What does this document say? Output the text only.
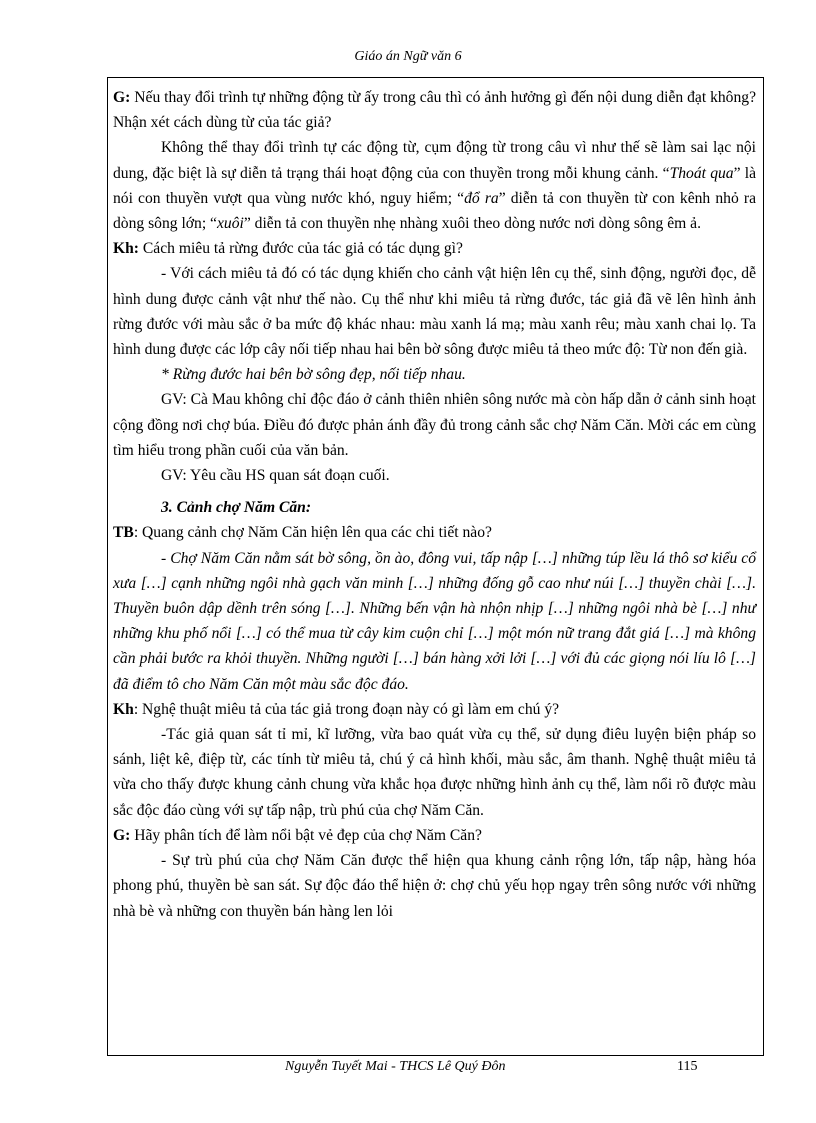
Giáo án Ngữ văn 6

G: Nếu thay đổi trình tự những động từ ấy trong câu thì có ảnh hưởng gì đến nội dung diễn đạt không? Nhận xét cách dùng từ của tác giả?

Không thể thay đổi trình tự các động từ, cụm động từ trong câu vì như thế sẽ làm sai lạc nội dung, đặc biệt là sự diễn tả trạng thái hoạt động của con thuyền trong mỗi khung cảnh. “Thoát qua” là nói con thuyền vượt qua vùng nước khó, nguy hiểm; “đổ ra” diễn tả con thuyền từ con kênh nhỏ ra dòng sông lớn; “xuôi” diễn tả con thuyền nhẹ nhàng xuôi theo dòng nước nơi dòng sông êm ả.

Kh: Cách miêu tả rừng đước của tác giả có tác dụng gì?

- Với cách miêu tả đó có tác dụng khiến cho cảnh vật hiện lên cụ thể, sinh động, người đọc, dễ hình dung được cảnh vật như thế nào. Cụ thể như khi miêu tả rừng đước, tác giả đã vẽ lên hình ảnh rừng đước với màu sắc ở ba mức độ khác nhau: màu xanh lá mạ; màu xanh rêu; màu xanh chai lọ. Ta hình dung được các lớp cây nối tiếp nhau hai bên bờ sông được miêu tả theo mức độ: Từ non đến già.

* Rừng đước hai bên bờ sông đẹp, nối tiếp nhau.

GV: Cà Mau không chỉ độc đáo ở cảnh thiên nhiên sông nước mà còn hấp dẫn ở cảnh sinh hoạt cộng đồng nơi chợ búa. Điều đó được phản ánh đầy đủ trong cảnh sắc chợ Năm Căn. Mời các em cùng tìm hiểu trong phần cuối của văn bản.

GV: Yêu cầu HS quan sát đoạn cuối.

3. Cảnh chợ Năm Căn:

TB: Quang cảnh chợ Năm Căn hiện lên qua các chi tiết nào?

- Chợ Năm Căn nằm sát bờ sông, ồn ào, đông vui, tấp nập […] những túp lều lá thô sơ kiểu cổ xưa […] cạnh những ngôi nhà gạch văn minh […] những đống gỗ cao như núi […] thuyền chài […]. Thuyền buôn dập dềnh trên sóng […]. Những bến vận hà nhộn nhịp […] những ngôi nhà bè […] như những khu phố nổi […] có thể mua từ cây kim cuộn chỉ […] một món nữ trang đắt giá […] mà không cần phải bước ra khỏi thuyền. Những người […] bán hàng xởi lởi […] với đủ các giọng nói líu lô […] đã điểm tô cho Năm Căn một màu sắc độc đáo.

Kh: Nghệ thuật miêu tả của tác giả trong đoạn này có gì làm em chú ý?

-Tác giả quan sát tỉ mỉ, kĩ lưỡng, vừa bao quát vừa cụ thể, sử dụng điêu luyện biện pháp so sánh, liệt kê, điệp từ, các tính từ miêu tả, chú ý cả hình khối, màu sắc, âm thanh. Nghệ thuật miêu tả vừa cho thấy được khung cảnh chung vừa khắc họa được những hình ảnh cụ thể, làm nổi rõ được màu sắc độc đáo cùng với sự tấp nập, trù phú của chợ Năm Căn.

G: Hãy phân tích để làm nổi bật vẻ đẹp của chợ Năm Căn?

- Sự trù phú của chợ Năm Căn được thể hiện qua khung cảnh rộng lớn, tấp nập, hàng hóa phong phú, thuyền bè san sát. Sự độc đáo thể hiện ở: chợ chủ yếu họp ngay trên sông nước với những nhà bè và những con thuyền bán hàng len lỏi

Nguyễn Tuyết Mai - THCS Lê Quý Đôn	115
